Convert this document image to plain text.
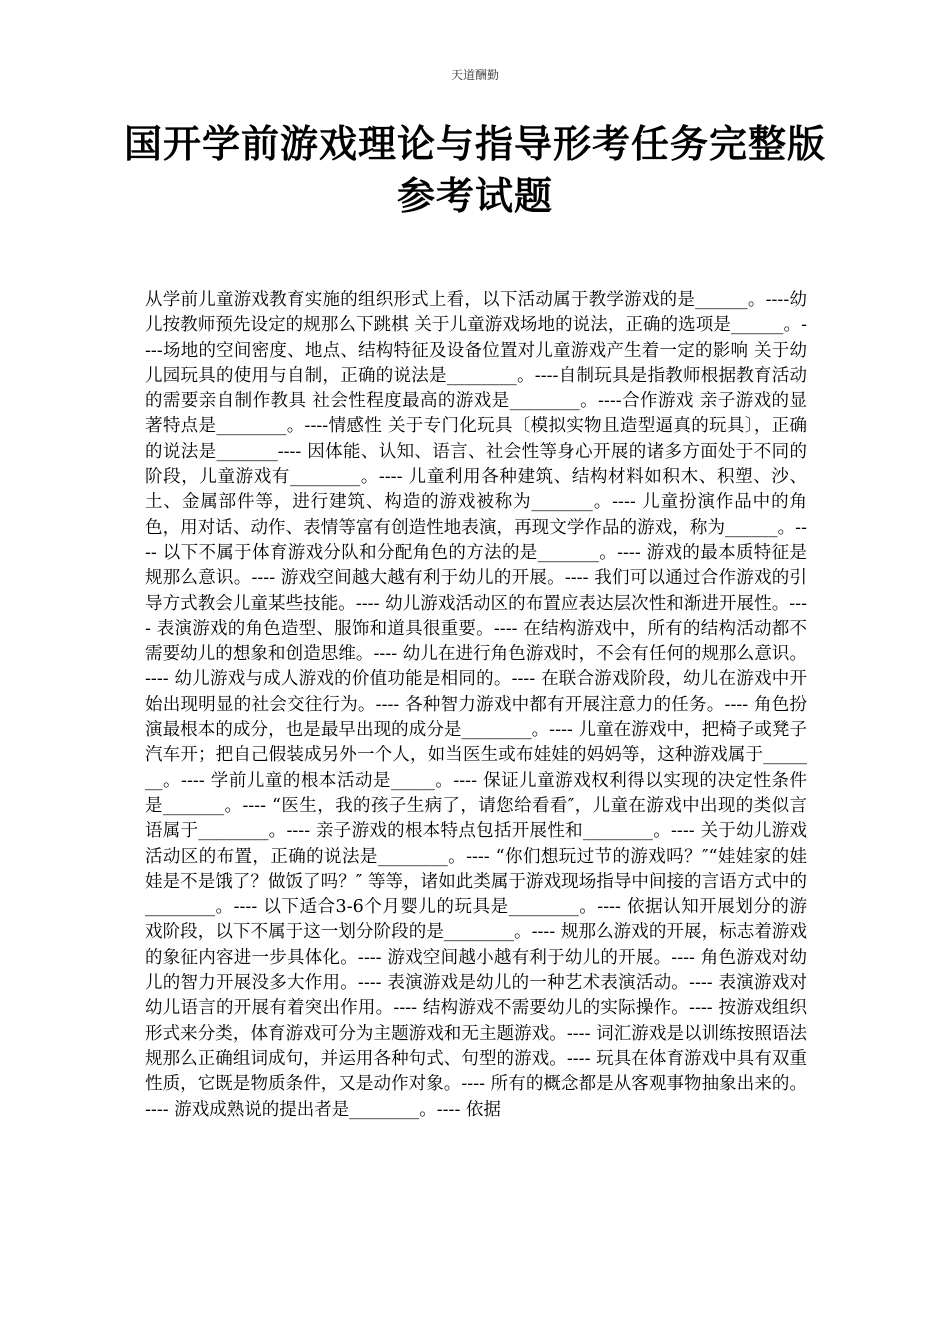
天道酬勤
国开学前游戏理论与指导形考任务完整版参考试题

从学前儿童游戏教育实施的组织形式上看，以下活动属于教学游戏的是______。----幼儿按教师预先设定的规那么下跳棋 关于儿童游戏场地的说法，正确的选项是______。----场地的空间密度、地点、结构特征及设备位置对儿童游戏产生着一定的影响 关于幼儿园玩具的使用与自制，正确的说法是________。----自制玩具是指教师根据教育活动的需要亲自制作教具 社会性程度最高的游戏是________。----合作游戏 亲子游戏的显著特点是________。----情感性 关于专门化玩具〔模拟实物且造型逼真的玩具〕，正确的说法是_______---- 因体能、认知、语言、社会性等身心开展的诸多方面处于不同的阶段，儿童游戏有________。---- 儿童利用各种建筑、结构材料如积木、积塑、沙、土、金属部件等，进行建筑、构造的游戏被称为_______。---- 儿童扮演作品中的角色，用对话、动作、表情等富有创造性地表演，再现文学作品的游戏，称为______。---- 以下不属于体育游戏分队和分配角色的方法的是_______。---- 游戏的最本质特征是规那么意识。---- 游戏空间越大越有利于幼儿的开展。---- 我们可以通过合作游戏的引导方式教会儿童某些技能。---- 幼儿游戏活动区的布置应表达层次性和渐进开展性。---- 表演游戏的角色造型、服饰和道具很重要。---- 在结构游戏中，所有的结构活动都不需要幼儿的想象和创造思维。---- 幼儿在进行角色游戏时，不会有任何的规那么意识。---- 幼儿游戏与成人游戏的价值功能是相同的。---- 在联合游戏阶段，幼儿在游戏中开始出现明显的社会交往行为。---- 各种智力游戏中都有开展注意力的任务。---- 角色扮演最根本的成分，也是最早出现的成分是________。---- 儿童在游戏中，把椅子或凳子汽车开；把自己假装成另外一个人，如当医生或布娃娃的妈妈等，这种游戏属于_______。---- 学前儿童的根本活动是_____。---- 保证儿童游戏权利得以实现的决定性条件是_______。---- “医生，我的孩子生病了，请您给看看″，儿童在游戏中出现的类似言语属于________。---- 亲子游戏的根本特点包括开展性和________。---- 关于幼儿游戏活动区的布置，正确的说法是________。---- “你们想玩过节的游戏吗？″“娃娃家的娃娃是不是饿了？做饭了吗？″ 等等，诸如此类属于游戏现场指导中间接的言语方式中的________。---- 以下适合3-6个月婴儿的玩具是________。---- 依据认知开展划分的游戏阶段，以下不属于这一划分阶段的是________。---- 规那么游戏的开展，标志着游戏的象征内容进一步具体化。---- 游戏空间越小越有利于幼儿的开展。---- 角色游戏对幼儿的智力开展没多大作用。---- 表演游戏是幼儿的一种艺术表演活动。---- 表演游戏对幼儿语言的开展有着突出作用。---- 结构游戏不需要幼儿的实际操作。---- 按游戏组织形式来分类，体育游戏可分为主题游戏和无主题游戏。---- 词汇游戏是以训练按照语法规那么正确组词成句，并运用各种句式、句型的游戏。---- 玩具在体育游戏中具有双重性质，它既是物质条件，又是动作对象。---- 所有的概念都是从客观事物抽象出来的。---- 游戏成熟说的提出者是________。---- 依据
